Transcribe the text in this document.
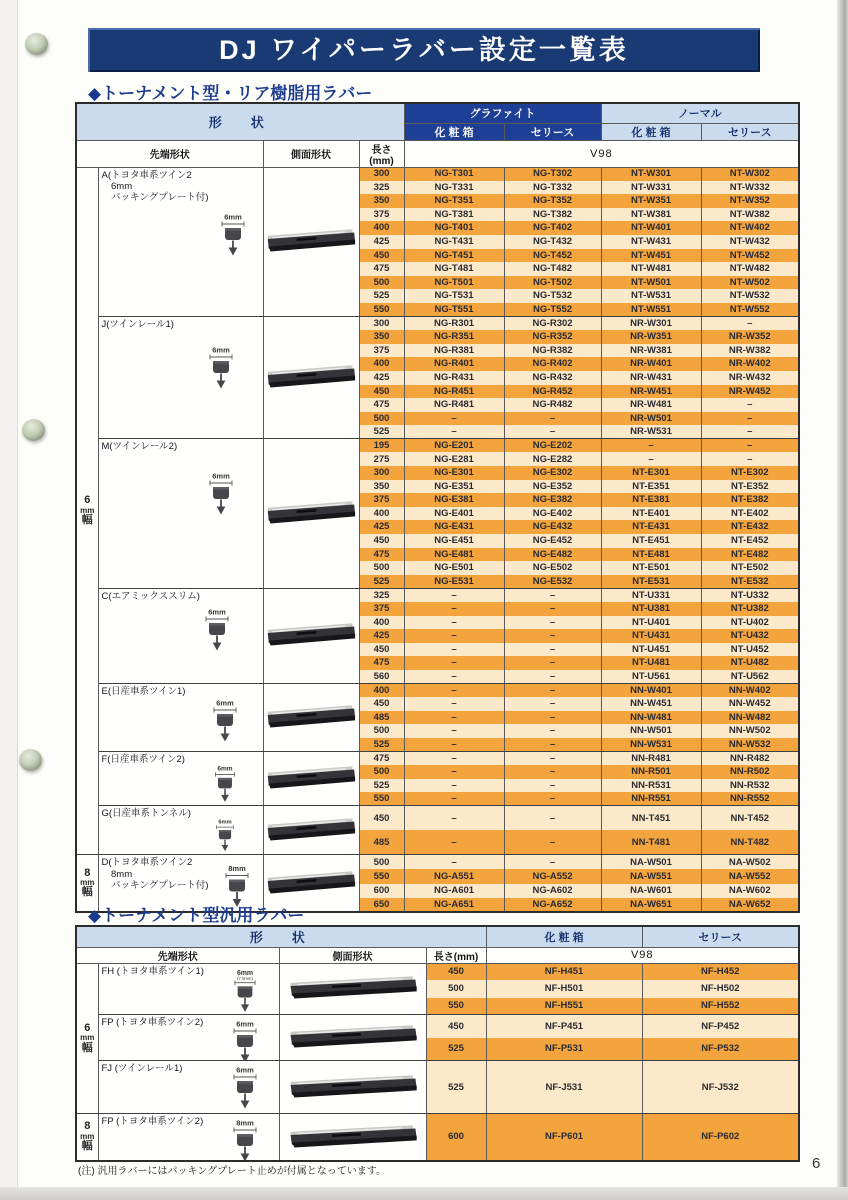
DJ ワイパーラバー設定一覧表
◆トーナメント型・リア樹脂用ラバー
形　状				グラファイト		ノーマル	
				化 粧 箱	セリース	化 粧 箱	セリース
先端形状		側面形状	長さ(mm)	V98			

6
mm
幅

A(トヨタ車系ツイン2
　6mm
　パッキングプレート付)
6mm
		300	NG-T301	NG-T302	NT-W301	NT-W302
			325	NG-T331	NG-T332	NT-W331	NT-W332
			350	NG-T351	NG-T352	NT-W351	NT-W352
			375	NG-T381	NG-T382	NT-W381	NT-W382
			400	NG-T401	NG-T402	NT-W401	NT-W402
			425	NG-T431	NG-T432	NT-W431	NT-W432
			450	NG-T451	NG-T452	NT-W451	NT-W452
			475	NG-T481	NG-T482	NT-W481	NT-W482
			500	NG-T501	NG-T502	NT-W501	NT-W502
			525	NG-T531	NG-T532	NT-W531	NT-W532
			550	NG-T551	NG-T552	NT-W551	NT-W552

	J(ツインレール1)
6mm		300	NG-R301	NG-R302	NR-W301	–
			350	NG-R351	NG-R352	NR-W351	NR-W352
			375	NG-R381	NG-R382	NR-W381	NR-W382
			400	NG-R401	NG-R402	NR-W401	NR-W402
			425	NG-R431	NG-R432	NR-W431	NR-W432
			450	NG-R451	NG-R452	NR-W451	NR-W452
			475	NG-R481	NG-R482	NR-W481	–
			500	–	–	NR-W501	–
			525	–	–	NR-W531	–

	M(ツインレール2)
6mm		195	NG-E201	NG-E202	–	–
			275	NG-E281	NG-E282	–	–
			300	NG-E301	NG-E302	NT-E301	NT-E302
			350	NG-E351	NG-E352	NT-E351	NT-E352
			375	NG-E381	NG-E382	NT-E381	NT-E382
			400	NG-E401	NG-E402	NT-E401	NT-E402
			425	NG-E431	NG-E432	NT-E431	NT-E432
			450	NG-E451	NG-E452	NT-E451	NT-E452
			475	NG-E481	NG-E482	NT-E481	NT-E482
			500	NG-E501	NG-E502	NT-E501	NT-E502
			525	NG-E531	NG-E532	NT-E531	NT-E532

	C(エアミックススリム)
6mm		325	–	–	NT-U331	NT-U332
			375	–	–	NT-U381	NT-U382
			400	–	–	NT-U401	NT-U402
			425	–	–	NT-U431	NT-U432
			450	–	–	NT-U451	NT-U452
			475	–	–	NT-U481	NT-U482
			560	–	–	NT-U561	NT-U562

	E(日産車系ツイン1)
6mm		400	–	–	NN-W401	NN-W402
			450	–	–	NN-W451	NN-W452
			485	–	–	NN-W481	NN-W482
			500	–	–	NN-W501	NN-W502
			525	–	–	NN-W531	NN-W532

	F(日産車系ツイン2)
6mm		475	–	–	NN-R481	NN-R482
			500	–	–	NN-R501	NN-R502
			525	–	–	NN-R531	NN-R532
			550	–	–	NN-R551	NN-R552

	G(日産車系トンネル)
6mm		450	–	–	NN-T451	NN-T452
			485	–	–	NN-T481	NN-T482

8
mm
幅

D(トヨタ車系ツイン2
　8mm
　パッキングプレート付)
8mm
		500	–	–	NA-W501	NA-W502
			550	NG-A551	NG-A552	NA-W551	NA-W552
			600	NG-A601	NG-A602	NA-W601	NA-W602
			650	NG-A651	NG-A652	NA-W651	NA-W652
◆トーナメント型汎用ラバー
形　状				化 粧 箱	セリース
先端形状		側面形状	長さ(mm)	V98	

6
mm
幅	FH (トヨタ車系ツイン1) 6mm
(7.5mm)		450	NF-H451	NF-H452
			500	NF-H501	NF-H502
			550	NF-H551	NF-H552

	FP (トヨタ車系ツイン2) 6mm		450	NF-P451	NF-P452
			525	NF-P531	NF-P532

	FJ (ツインレール1) 6mm		525	NF-J531	NF-J532

8
mm
幅	FP (トヨタ車系ツイン2) 8mm		600	NF-P601	NF-P602
(注) 汎用ラバーにはパッキングプレート止めが付属となっています。	6
